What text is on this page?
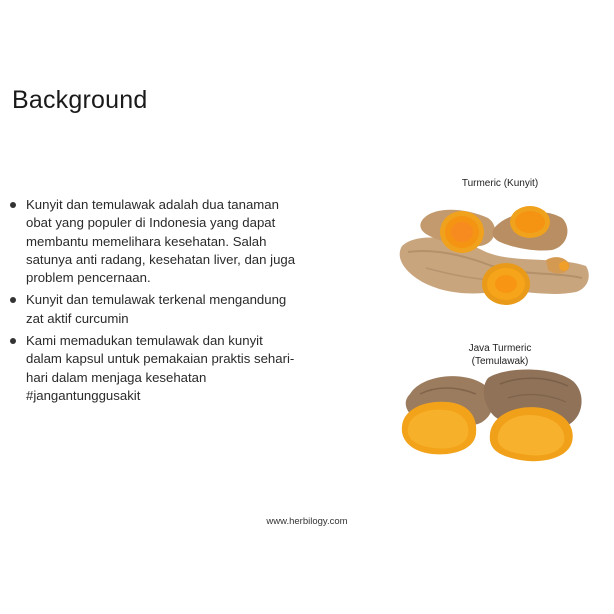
Background
Kunyit dan temulawak adalah dua tanaman obat yang populer di Indonesia yang dapat membantu memelihara kesehatan. Salah satunya anti radang, kesehatan liver, dan juga problem pencernaan.
Kunyit dan temulawak terkenal mengandung zat aktif curcumin
Kami memadukan temulawak dan kunyit dalam kapsul untuk pemakaian praktis sehari-hari dalam menjaga kesehatan #jangantunggusakit
Turmeric (Kunyit)
Java Turmeric
(Temulawak)
www.herbilogy.com
